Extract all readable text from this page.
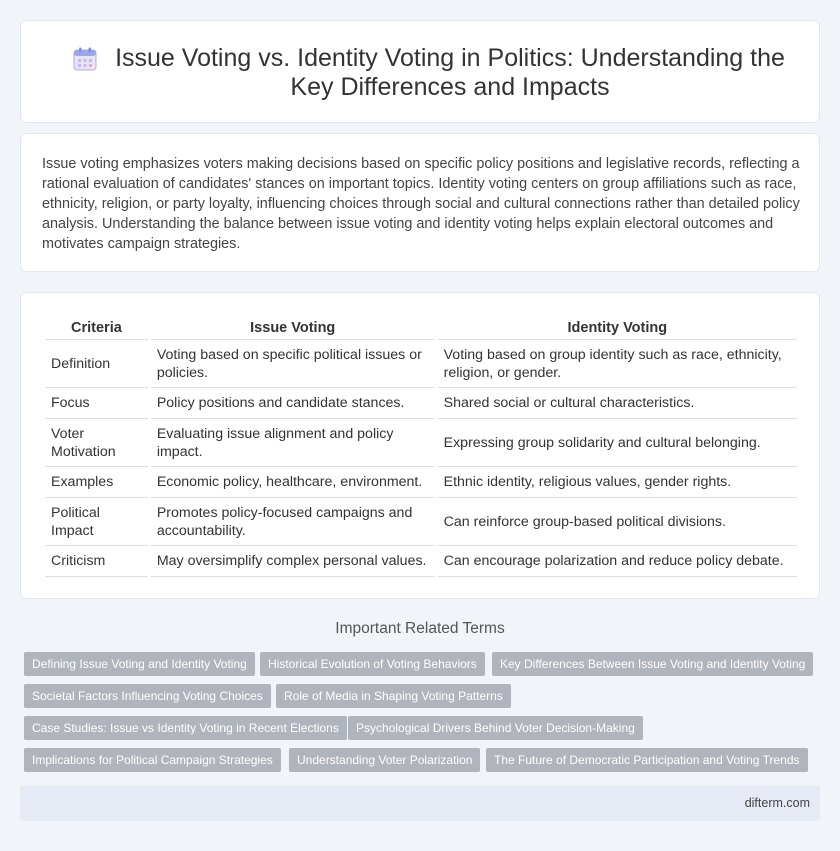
Issue Voting vs. Identity Voting in Politics: Understanding the Key Differences and Impacts

Issue voting emphasizes voters making decisions based on specific policy positions and legislative records, reflecting a rational evaluation of candidates' stances on important topics. Identity voting centers on group affiliations such as race, ethnicity, religion, or party loyalty, influencing choices through social and cultural connections rather than detailed policy analysis. Understanding the balance between issue voting and identity voting helps explain electoral outcomes and motivates campaign strategies.

Criteria	Issue Voting	Identity Voting
Definition	Voting based on specific political issues or policies.	Voting based on group identity such as race, ethnicity, religion, or gender.
Focus	Policy positions and candidate stances.	Shared social or cultural characteristics.
Voter Motivation	Evaluating issue alignment and policy impact.	Expressing group solidarity and cultural belonging.
Examples	Economic policy, healthcare, environment.	Ethnic identity, religious values, gender rights.
Political Impact	Promotes policy-focused campaigns and accountability.	Can reinforce group-based political divisions.
Criticism	May oversimplify complex personal values.	Can encourage polarization and reduce policy debate.
Important Related Terms
Defining Issue Voting and Identity Voting	Historical Evolution of Voting Behaviors	Key Differences Between Issue Voting and Identity Voting
Societal Factors Influencing Voting Choices	Role of Media in Shaping Voting Patterns
Case Studies: Issue vs Identity Voting in Recent Elections	Psychological Drivers Behind Voter Decision-Making
Implications for Political Campaign Strategies	Understanding Voter Polarization	The Future of Democratic Participation and Voting Trends
difterm.com
